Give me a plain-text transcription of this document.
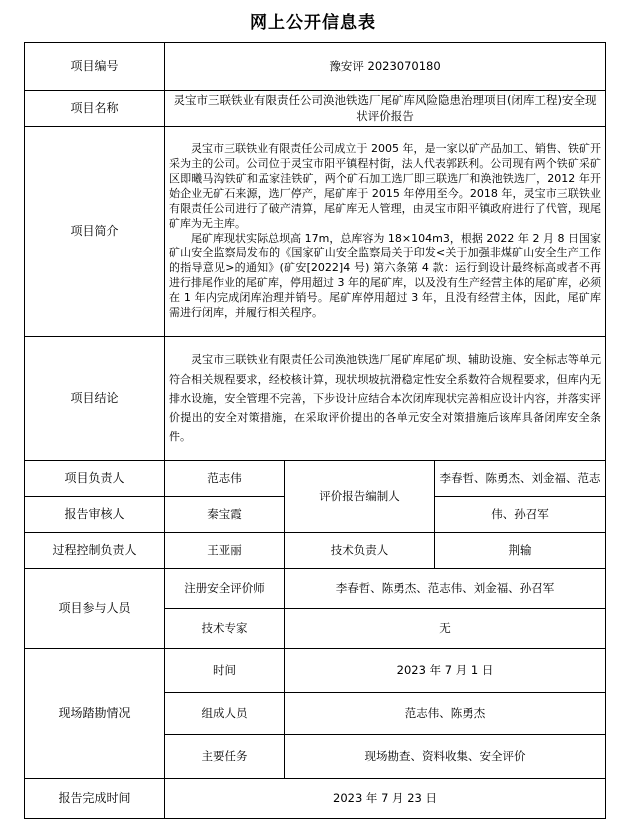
网上公开信息表
项目编号	豫安评 2023070180		
项目名称	灵宝市三联铁业有限责任公司涣池铁选厂尾矿库风险隐患治理项目(闭库工程)安全现状评价报告		
项目简介	灵宝市三联铁业有限责任公司成立于 2005 年，是一家以矿产品加工、销售、铁矿开采为主的公司。公司位于灵宝市阳平镇程村街，法人代表郭跃利。公司现有两个铁矿采矿区即曦马沟铁矿和孟家洼铁矿，两个矿石加工选厂即三联选厂和涣池铁选厂，2012 年开始企业无矿石来源，选厂停产，尾矿库于 2015 年停用至今。2018 年，灵宝市三联铁业有限责任公司进行了破产清算，尾矿库无人管理，由灵宝市阳平镇政府进行了代管，现尾矿库为无主库。

尾矿库现状实际总坝高 17m，总库容为 18×104m3，根据 2022 年 2 月 8 日国家矿山安全监察局发布的《国家矿山安全监察局关于印发<关于加强非煤矿山安全生产工作的指导意见>的通知》(矿安[2022]4 号) 第六条第 4 款：运行到设计最终标高或者不再进行排尾作业的尾矿库，停用超过 3 年的尾矿库，以及没有生产经营主体的尾矿库，必须在 1 年内完成闭库治理并销号。尾矿库停用超过 3 年，且没有经营主体，因此，尾矿库需进行闭库，并履行相关程序。		

项目结论	灵宝市三联铁业有限责任公司涣池铁选厂尾矿库尾矿坝、辅助设施、安全标志等单元符合相关规程要求，经校核计算，现状坝坡抗滑稳定性安全系数符合规程要求，但库内无排水设施，安全管理不完善，下步设计应结合本次闭库现状完善相应设计内容，并落实评价提出的安全对策措施，在采取评价提出的各单元安全对策措施后该库具备闭库安全条件。		

项目负责人	范志伟	评价报告编制人	李春哲、陈勇杰、刘金福、范志
报告审核人	秦宝霞		伟、孙召军
过程控制负责人	王亚丽	技术负责人	荆输
项目参与人员	注册安全评价师	李春哲、陈勇杰、范志伟、刘金福、孙召军	
	技术专家	无	
现场踏勘情况	时间	2023 年 7 月 1 日	
	组成人员	范志伟、陈勇杰	
	主要任务	现场勘查、资料收集、安全评价	
报告完成时间	2023 年 7 月 23 日		
